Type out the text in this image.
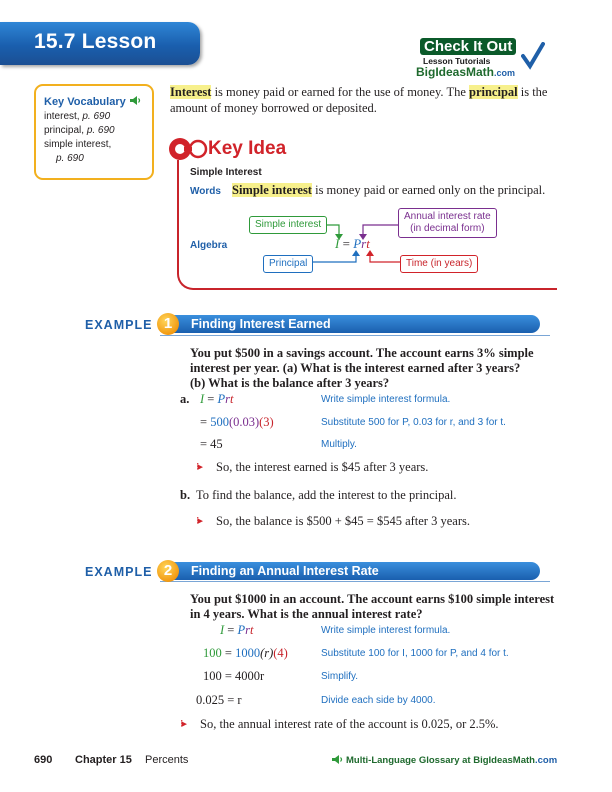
15.7 Lesson	Check It Out
Lesson Tutorials
BigIdeasMath.com
Key Vocabulary
interest, p. 690
principal, p. 690
simple interest,
p. 690
Interest is money paid or earned for the use of money. The principal is the amount of money borrowed or deposited.
Key Idea
Simple Interest
Words Simple interest is money paid or earned only on the principal.
Algebra
Simple interest
Annual interest rate
(in decimal form)
Principal	Time (in years)
I = Prt
EXAMPLE 1	Finding Interest Earned
You put $500 in a savings account. The account earns 3% simple
interest per year. (a) What is the interest earned after 3 years?
(b) What is the balance after 3 years?
a. I = Prt	Write simple interest formula.
= 500(0.03)(3)	Substitute 500 for P, 0.03 for r, and 3 for t.
= 45	Multiply.
⁝▸ So, the interest earned is $45 after 3 years.
b. To find the balance, add the interest to the principal.
⁝▸ So, the balance is $500 + $45 = $545 after 3 years.
EXAMPLE 2	Finding an Annual Interest Rate
You put $1000 in an account. The account earns $100 simple interest
in 4 years. What is the annual interest rate?
I = Prt	Write simple interest formula.
100 = 1000(r)(4)	Substitute 100 for I, 1000 for P, and 4 for t.
100 = 4000r	Simplify.
0.025 = r	Divide each side by 4000.
⁝▸ So, the annual interest rate of the account is 0.025, or 2.5%.
690 Chapter 15 Percents	Multi-Language Glossary at BigIdeasMath.com
